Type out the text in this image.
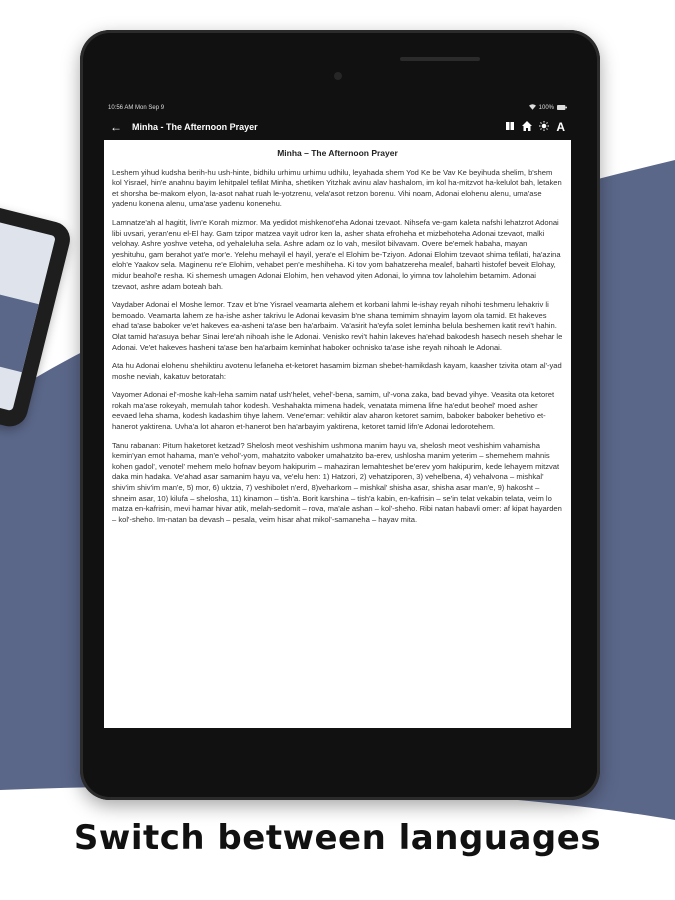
10:56 AM Mon Sep 9	100%
←	Minha - The Afternoon Prayer	A
Minha – The Afternoon Prayer

Leshem yihud kudsha berih-hu ush-hinte, bidhilu urhimu urhimu udhilu, leyahada shem Yod Ke be Vav Ke beyihuda shelim, b'shem kol Yisrael, hin'e anahnu bayim lehitpalel tefilat Minha, shetiken Yitzhak avinu alav hashalom, im kol ha-mitzvot ha-kelulot bah, letaken et shorsha be-makom elyon, la-asot nahat ruah le-yotzrenu, vela'asot retzon borenu. Vihi noam, Adonai elohenu alenu, uma'ase yadenu konena alenu, uma'ase yadenu konenehu.

Lamnatze'ah al hagitit, livn'e Korah mizmor. Ma yedidot mishkenot'eha Adonai tzevaot. Nihsefa ve-gam kaleta nafshi lehatzrot Adonai libi uvsari, yeran'enu el-El hay. Gam tzipor matzea vayit udror ken la, asher shata efroheha et mizbehoteha Adonai tzevaot, malki velohay. Ashre yoshve veteha, od yehaleluha sela. Ashre adam oz lo vah, mesilot bilvavam. Overe be'emek habaha, mayan yeshituhu, gam berahot yat'e mor'e. Yelehu mehayil el hayil, yera'e el Elohim be-Tziyon. Adonai Elohim tzevaot shima tefilati, ha'azina eloh'e Yaakov sela. Maginenu re'e Elohim, vehabet pen'e meshiheha. Ki tov yom bahatzereha mealef, bahartì histofef beveit Elohay, midur beahol'e resha. Ki shemesh umagen Adonai Elohim, hen vehavod yiten Adonai, lo yimna tov laholehim betamim. Adonai tzevaot, ashre adam boteah bah.

Vaydaber Adonai el Moshe lemor. Tzav et b'ne Yisrael veamarta alehem et korbani lahmi le-ishay reyah nihohi teshmeru lehakriv li bemoado. Veamarta lahem ze ha-ishe asher takrivu le Adonai kevasim b'ne shana temimim shnayim layom ola tamid. Et hakeves ehad ta'ase baboker ve'et hakeves ea-asheni ta'ase ben ha'arbaim. Va'asirit ha'eyfa solet leminha belula beshemen katit revi't hahin. Olat tamid ha'asuya behar Sinai lere'ah nihoah ishe le Adonai. Venisko revi't hahin lakeves ha'ehad bakodesh hasech neseh shehar le Adonai. Ve'et hakeves hasheni ta'ase ben ha'arbaim keminhat haboker ochnisko ta'ase ishe reyah nihoah le Adonai.

Ata hu Adonai elohenu shehiktiru avotenu lefaneha et-ketoret hasamim bizman shebet-hamikdash kayam, kaasher tzivita otam al'-yad moshe neviah, kakatuv betoratah:

Vayomer Adonai el'-moshe kah-leha samim nataf ush'helet, vehel'-bena, samim, ul'-vona zaka, bad bevad yihye. Veasita ota ketoret rokah ma'ase rokeyah, memulah tahor kodesh. Veshahakta mimena hadek, venatata mimena lifne ha'edut beohel' moed asher eevaed leha shama, kodesh kadashim tihye lahem. Vene'emar: vehiktir alav aharon ketoret samim, baboker baboker behetivo et-hanerot yaktirena. Uvha'a lot aharon et-hanerot ben ha'arbayim yaktirena, ketoret tamid lifn'e Adonai ledorotehem.

Tanu rabanan: Pitum haketoret ketzad? Shelosh meot veshishim ushmona manim hayu va, shelosh meot veshishim vahamisha kemin'yan emot hahama, man'e vehol'-yom, mahatzito vaboker umahatzito ba-erev, ushlosha manim yeterim – shemehem mahnis kohen gadol', venotel' mehem melo hofnav beyom hakipurim – mahaziran lemahteshet be'erev yom hakipurim, kede lehayem mitzvat daka min hadaka. Ve'ahad asar samanim hayu va, ve'elu hen: 1) Hatzori, 2) vehatziporen, 3) vehelbena, 4) vehalvona – mishkal' shiv'im shiv'im man'e, 5) mor, 6) uktzia, 7) veshibolet n'erd, 8)veharkom – mishkal' shisha asar, shisha asar man'e, 9) hakosht – shneim asar, 10) kilufa – shelosha, 11) kinamon – tish'a. Borit karshina – tish'a kabin, en-kafrisin – se'in telat vekabin telata, veim lo matza en-kafrisin, mevi hamar hivar atik, melah-sedomit – rova, ma'ale ashan – kol'-sheho. Ribi natan habavli omer: af kipat hayarden – kol'-sheho. Im-natan ba devash – pesala, veim hisar ahat mikol'-samaneha – hayav mita.

Switch between languages
